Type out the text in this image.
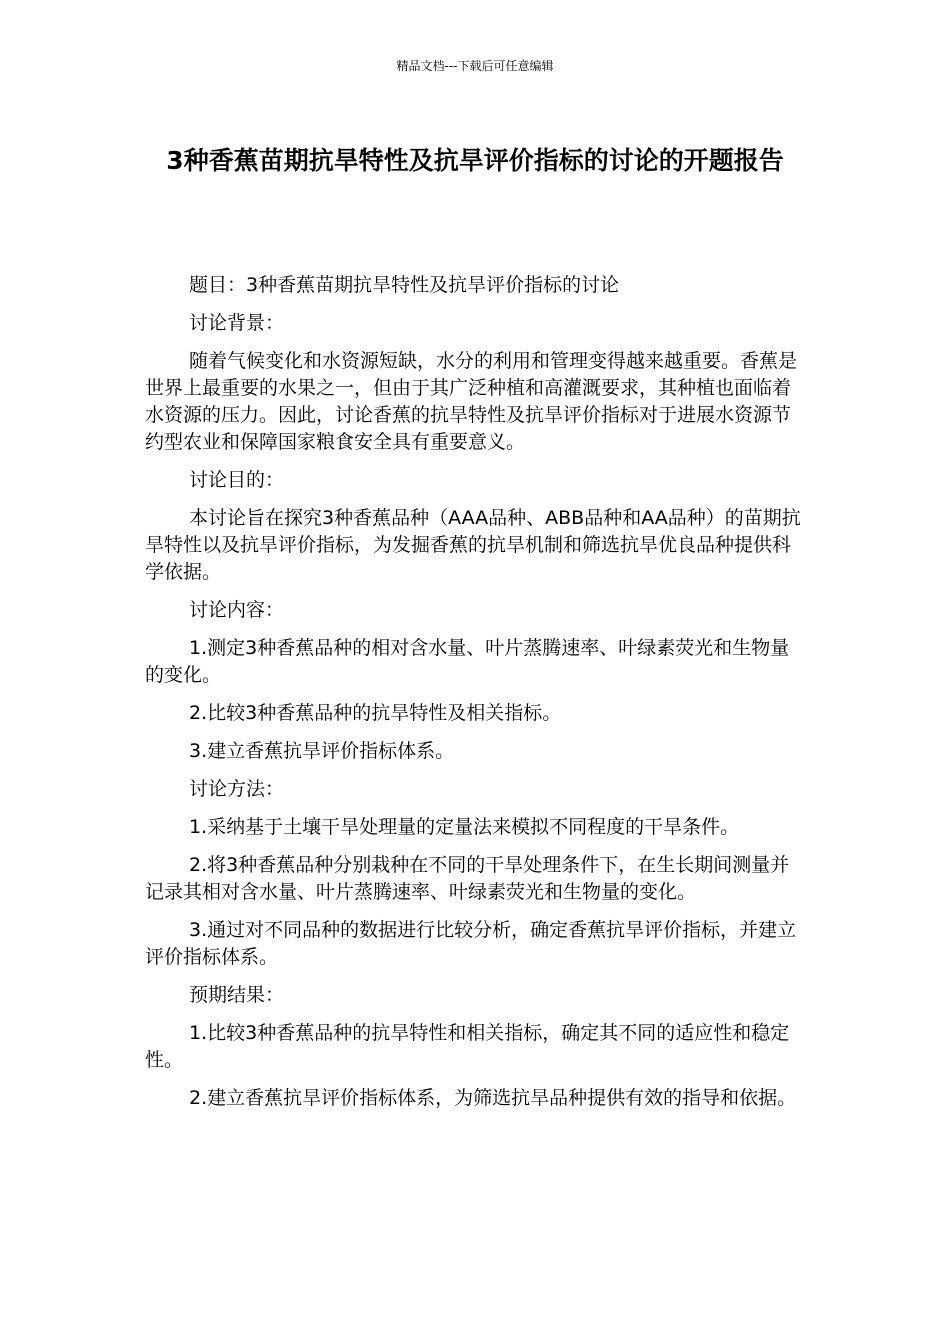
精品文档---下载后可任意编辑
3种香蕉苗期抗旱特性及抗旱评价指标的讨论的开题报告

题目：3种香蕉苗期抗旱特性及抗旱评价指标的讨论

讨论背景：

随着气候变化和水资源短缺，水分的利用和管理变得越来越重要。香蕉是世界上最重要的水果之一，但由于其广泛种植和高灌溉要求，其种植也面临着水资源的压力。因此，讨论香蕉的抗旱特性及抗旱评价指标对于进展水资源节约型农业和保障国家粮食安全具有重要意义。

讨论目的：

本讨论旨在探究3种香蕉品种（AAA品种、ABB品种和AA品种）的苗期抗旱特性以及抗旱评价指标，为发掘香蕉的抗旱机制和筛选抗旱优良品种提供科学依据。

讨论内容：

1.测定3种香蕉品种的相对含水量、叶片蒸腾速率、叶绿素荧光和生物量的变化。

2.比较3种香蕉品种的抗旱特性及相关指标。

3.建立香蕉抗旱评价指标体系。

讨论方法：

1.采纳基于土壤干旱处理量的定量法来模拟不同程度的干旱条件。

2.将3种香蕉品种分别栽种在不同的干旱处理条件下，在生长期间测量并记录其相对含水量、叶片蒸腾速率、叶绿素荧光和生物量的变化。

3.通过对不同品种的数据进行比较分析，确定香蕉抗旱评价指标，并建立评价指标体系。

预期结果：

1.比较3种香蕉品种的抗旱特性和相关指标，确定其不同的适应性和稳定性。

2.建立香蕉抗旱评价指标体系，为筛选抗旱品种提供有效的指导和依据。
